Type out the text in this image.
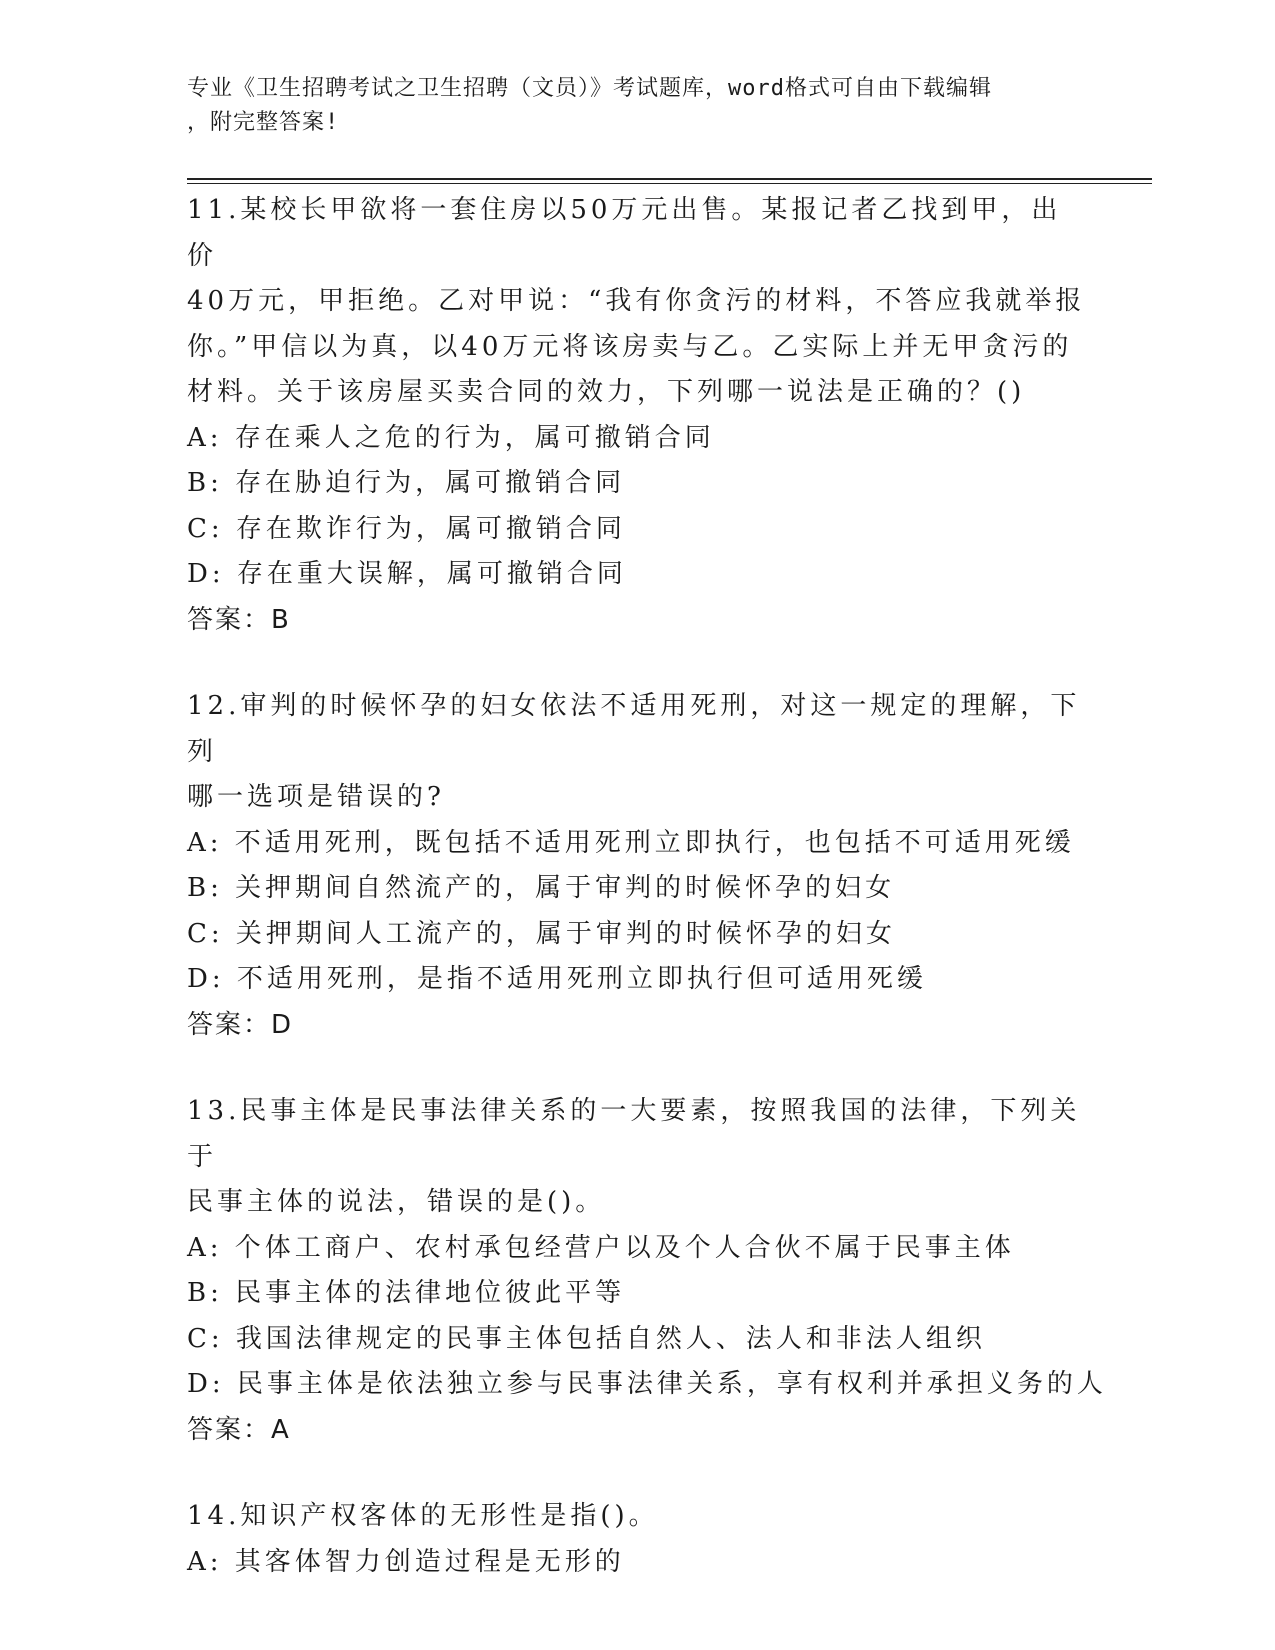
专业《卫生招聘考试之卫生招聘（文员）》考试题库，word格式可自由下载编辑
，附完整答案!

11.某校长甲欲将一套住房以50万元出售。某报记者乙找到甲，出价

40万元，甲拒绝。乙对甲说：“我有你贪污的材料，不答应我就举报

你。”甲信以为真，以40万元将该房卖与乙。乙实际上并无甲贪污的

材料。关于该房屋买卖合同的效力，下列哪一说法是正确的？()

A: 存在乘人之危的行为，属可撤销合同

B: 存在胁迫行为，属可撤销合同

C: 存在欺诈行为，属可撤销合同

D: 存在重大误解，属可撤销合同

答案：B

12.审判的时候怀孕的妇女依法不适用死刑，对这一规定的理解，下列

哪一选项是错误的?

A: 不适用死刑，既包括不适用死刑立即执行，也包括不可适用死缓

B: 关押期间自然流产的，属于审判的时候怀孕的妇女

C: 关押期间人工流产的，属于审判的时候怀孕的妇女

D: 不适用死刑，是指不适用死刑立即执行但可适用死缓

答案：D

13.民事主体是民事法律关系的一大要素，按照我国的法律，下列关于

民事主体的说法，错误的是()。

A: 个体工商户、农村承包经营户以及个人合伙不属于民事主体

B: 民事主体的法律地位彼此平等

C: 我国法律规定的民事主体包括自然人、法人和非法人组织

D: 民事主体是依法独立参与民事法律关系，享有权利并承担义务的人

答案：A

14.知识产权客体的无形性是指()。

A: 其客体智力创造过程是无形的
